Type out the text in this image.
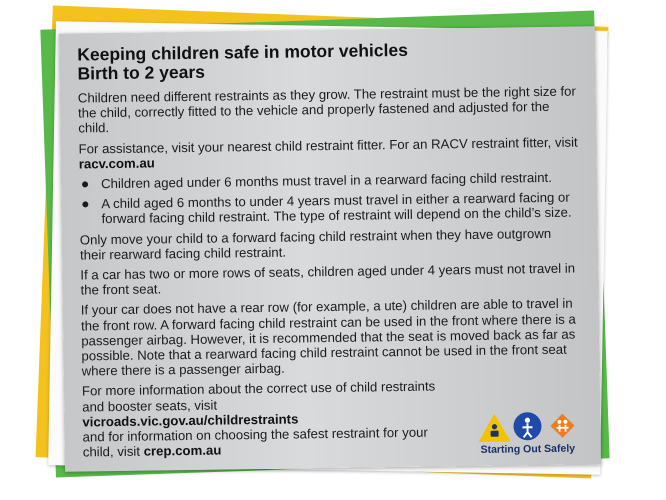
Keeping children safe in motor vehicles
Birth to 2 years

Children need different restraints as they grow. The restraint must be the right size for the child, correctly fitted to the vehicle and properly fastened and adjusted for the child.

For assistance, visit your nearest child restraint fitter. For an RACV restraint fitter, visit racv.com.au

Children aged under 6 months must travel in a rearward facing child restraint.
A child aged 6 months to under 4 years must travel in either a rearward facing or forward facing child restraint. The type of restraint will depend on the child’s size.

Only move your child to a forward facing child restraint when they have outgrown their rearward facing child restraint.

If a car has two or more rows of seats, children aged under 4 years must not travel in the front seat.

If your car does not have a rear row (for example, a ute) children are able to travel in the front row. A forward facing child restraint can be used in the front where there is a passenger airbag. However, it is recommended that the seat is moved back as far as possible. Note that a rearward facing child restraint cannot be used in the front seat where there is a passenger airbag.

For more information about the correct use of child restraints and booster seats, visit
vicroads.vic.gov.au/childrestraints
and for information on choosing the safest restraint for your child, visit crep.com.au	Starting Out Safely
